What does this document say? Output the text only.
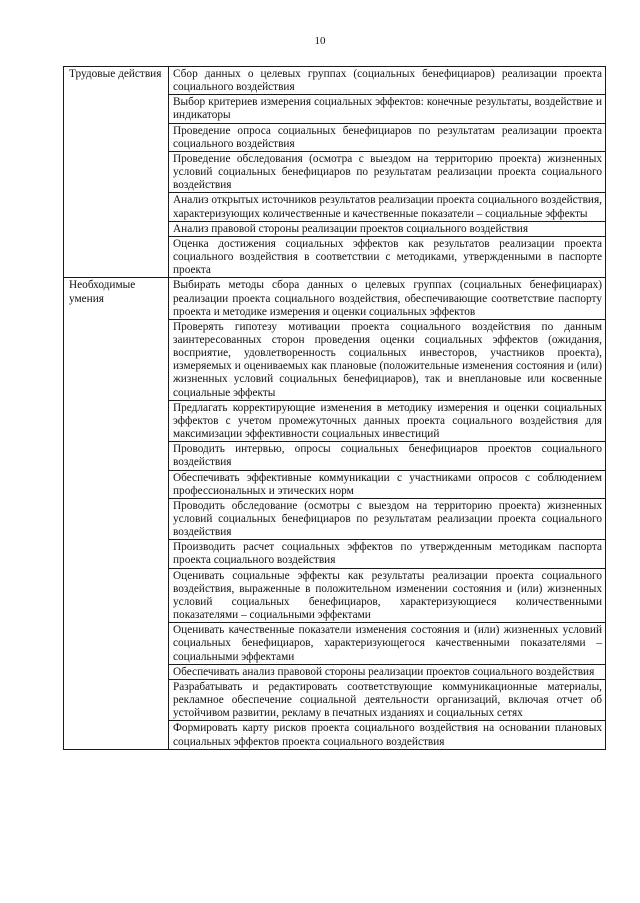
10
Трудовые действия	Сбор данных о целевых группах (социальных бенефициаров) реализации проекта социального воздействия
	Выбор критериев измерения социальных эффектов: конечные результаты, воздействие и индикаторы
	Проведение опроса социальных бенефициаров по результатам реализации проекта социального воздействия
	Проведение обследования (осмотра с выездом на территорию проекта) жизненных условий социальных бенефициаров по результатам реализации проекта социального воздействия
	Анализ открытых источников результатов реализации проекта социального воздействия, характеризующих количественные и качественные показатели – социальные эффекты
	Анализ правовой стороны реализации проектов социального воздействия
	Оценка достижения социальных эффектов как результатов реализации проекта социального воздействия в соответствии с методиками, утвержденными в паспорте проекта
Необходимые умения	Выбирать методы сбора данных о целевых группах (социальных бенефициарах) реализации проекта социального воздействия, обеспечивающие соответствие паспорту проекта и методике измерения и оценки социальных эффектов
	Проверять гипотезу мотивации проекта социального воздействия по данным заинтересованных сторон проведения оценки социальных эффектов (ожидания, восприятие, удовлетворенность социальных инвесторов, участников проекта), измеряемых и оцениваемых как плановые (положительные изменения состояния и (или) жизненных условий социальных бенефициаров), так и внеплановые или косвенные социальные эффекты
	Предлагать корректирующие изменения в методику измерения и оценки социальных эффектов с учетом промежуточных данных проекта социального воздействия для максимизации эффективности социальных инвестиций
	Проводить интервью, опросы социальных бенефициаров проектов социального воздействия
	Обеспечивать эффективные коммуникации с участниками опросов с соблюдением профессиональных и этических норм
	Проводить обследование (осмотры с выездом на территорию проекта) жизненных условий социальных бенефициаров по результатам реализации проекта социального воздействия
	Производить расчет социальных эффектов по утвержденным методикам паспорта проекта социального воздействия
	Оценивать социальные эффекты как результаты реализации проекта социального воздействия, выраженные в положительном изменении состояния и (или) жизненных условий социальных бенефициаров, характеризующиеся количественными показателями – социальными эффектами
	Оценивать качественные показатели изменения состояния и (или) жизненных условий социальных бенефициаров, характеризующегося качественными показателями – социальными эффектами
	Обеспечивать анализ правовой стороны реализации проектов социального воздействия
	Разрабатывать и редактировать соответствующие коммуникационные материалы, рекламное обеспечение социальной деятельности организаций, включая отчет об устойчивом развитии, рекламу в печатных изданиях и социальных сетях
	Формировать карту рисков проекта социального воздействия на основании плановых социальных эффектов проекта социального воздействия
